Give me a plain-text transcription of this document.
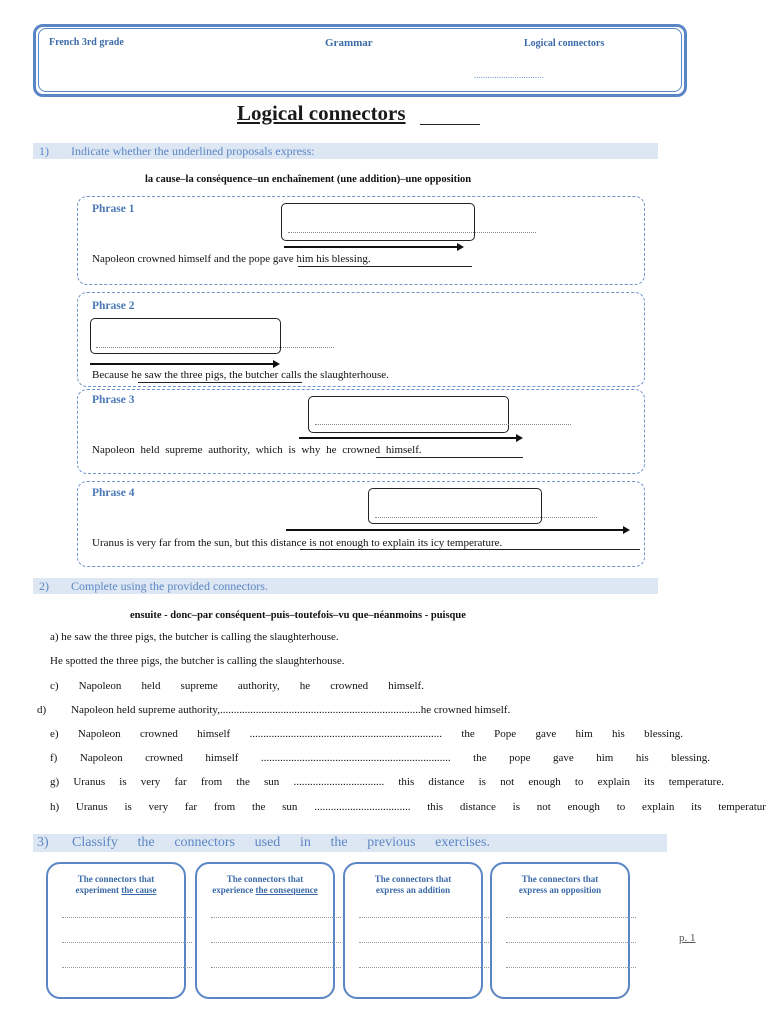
French 3rd grade	Grammar	Logical connectors
...............................
Logical connectors
1) Indicate whether the underlined proposals express:
la cause–la conséquence–un enchaînement (une addition)–une opposition
Phrase 1
Napoleon crowned himself and the pope gave him his blessing.
Phrase 2
Because he saw the three pigs, the butcher calls the slaughterhouse.
Phrase 3
Napoleon held supreme authority, which is why he crowned himself.
Phrase 4
Uranus is very far from the sun, but this distance is not enough to explain its icy temperature.
2) Complete using the provided connectors.
ensuite - donc–par conséquent–puis–toutefois–vu que–néanmoins - puisque
a) he saw the three pigs, the butcher is calling the slaughterhouse.
He spotted the three pigs, the butcher is calling the slaughterhouse.
c) Napoleon held supreme authority, he crowned himself.
d) Napoleon held supreme authority,.........................................................................he crowned himself.
e) Napoleon crowned himself ...................................................................... the Pope gave him his blessing.
f) Napoleon crowned himself ..................................................................... the pope gave him his blessing.
g) Uranus is very far from the sun ................................. this distance is not enough to explain its temperature.
h) Uranus is very far from the sun ................................... this distance is not enough to explain its temperatur
3) Classify the connectors used in the previous exercises.
The connectors that
experiment the cause
The connectors that
experience the consequence
The connectors that
express an addition
The connectors that
express an opposition
p. 1
